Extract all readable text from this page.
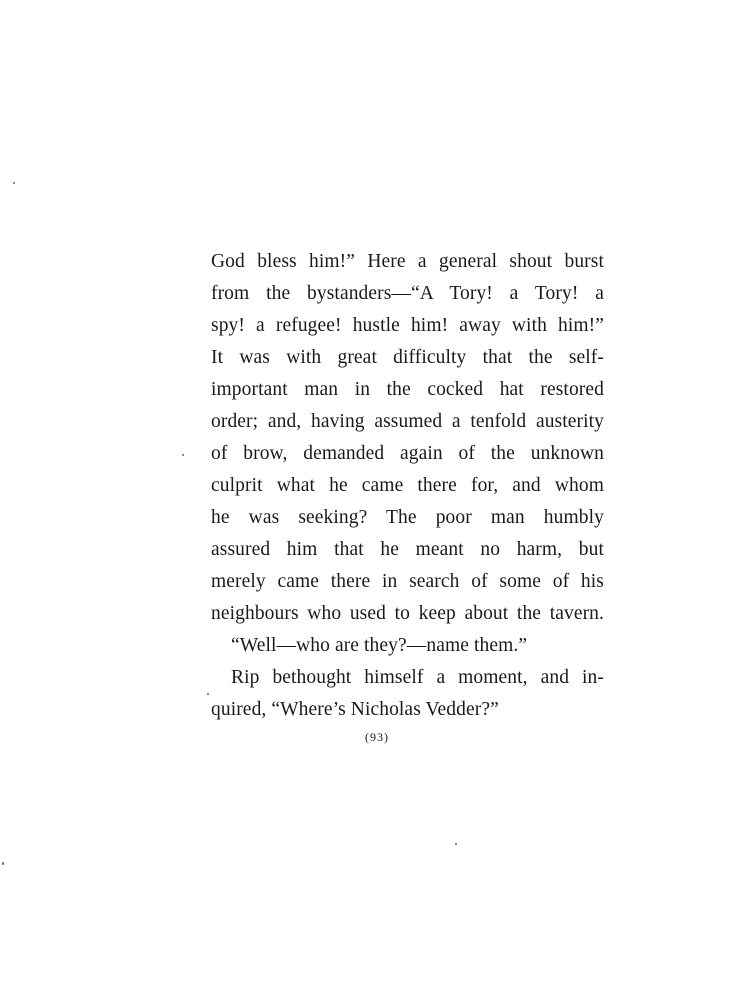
God bless him!” Here a general shout burst
from the bystanders—“A Tory! a Tory! a
spy! a refugee! hustle him! away with him!”
It was with great difficulty that the self-
important man in the cocked hat restored
order; and, having assumed a tenfold austerity
of brow, demanded again of the unknown
culprit what he came there for, and whom
he was seeking? The poor man humbly
assured him that he meant no harm, but
merely came there in search of some of his
neighbours who used to keep about the tavern.
“Well—who are they?—name them.”
Rip bethought himself a moment, and in-
quired, “Where’s Nicholas Vedder?”
(93)
